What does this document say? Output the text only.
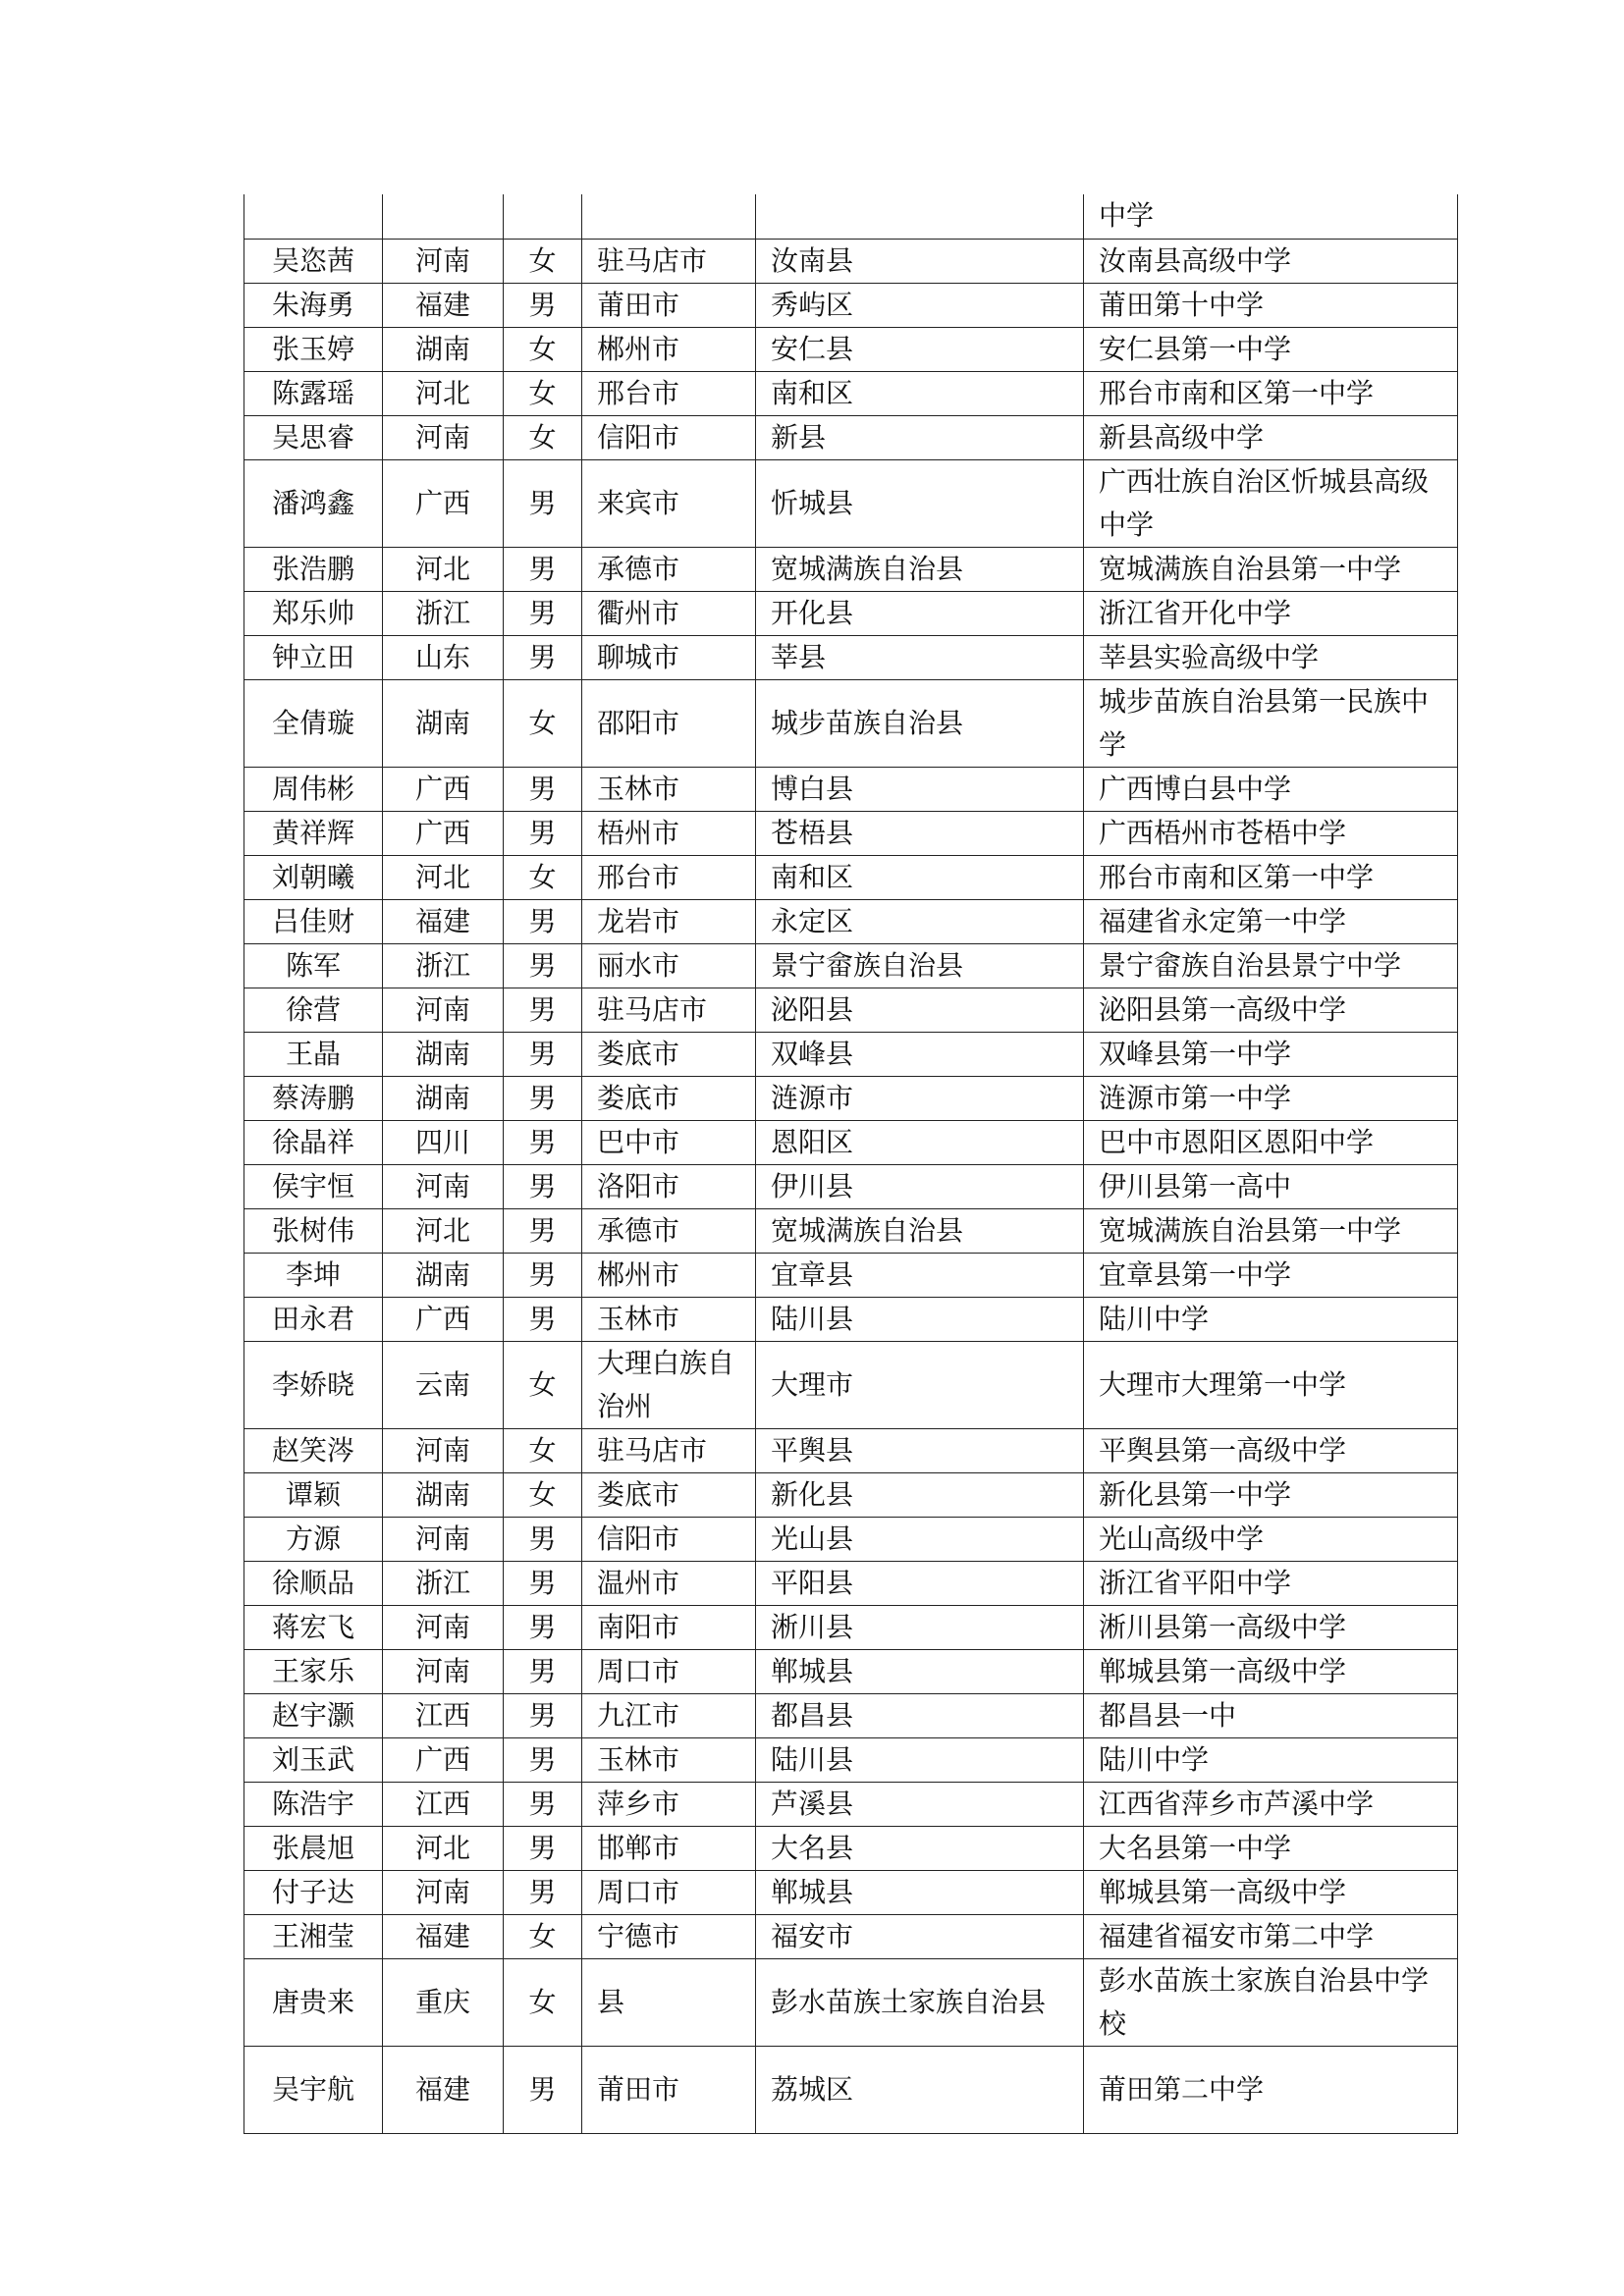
					中学
吴恣茜	河南	女	驻马店市	汝南县	汝南县高级中学
朱海勇	福建	男	莆田市	秀屿区	莆田第十中学
张玉婷	湖南	女	郴州市	安仁县	安仁县第一中学
陈露瑶	河北	女	邢台市	南和区	邢台市南和区第一中学
吴思睿	河南	女	信阳市	新县	新县高级中学
潘鸿鑫	广西	男	来宾市	忻城县	广西壮族自治区忻城县高级中学
张浩鹏	河北	男	承德市	宽城满族自治县	宽城满族自治县第一中学
郑乐帅	浙江	男	衢州市	开化县	浙江省开化中学
钟立田	山东	男	聊城市	莘县	莘县实验高级中学
全倩璇	湖南	女	邵阳市	城步苗族自治县	城步苗族自治县第一民族中学
周伟彬	广西	男	玉林市	博白县	广西博白县中学
黄祥辉	广西	男	梧州市	苍梧县	广西梧州市苍梧中学
刘朝曦	河北	女	邢台市	南和区	邢台市南和区第一中学
吕佳财	福建	男	龙岩市	永定区	福建省永定第一中学
陈军	浙江	男	丽水市	景宁畲族自治县	景宁畲族自治县景宁中学
徐营	河南	男	驻马店市	泌阳县	泌阳县第一高级中学
王晶	湖南	男	娄底市	双峰县	双峰县第一中学
蔡涛鹏	湖南	男	娄底市	涟源市	涟源市第一中学
徐晶祥	四川	男	巴中市	恩阳区	巴中市恩阳区恩阳中学
侯宇恒	河南	男	洛阳市	伊川县	伊川县第一高中
张树伟	河北	男	承德市	宽城满族自治县	宽城满族自治县第一中学
李坤	湖南	男	郴州市	宜章县	宜章县第一中学
田永君	广西	男	玉林市	陆川县	陆川中学
李娇晓	云南	女	大理白族自治州	大理市	大理市大理第一中学
赵笑涔	河南	女	驻马店市	平舆县	平舆县第一高级中学
谭颖	湖南	女	娄底市	新化县	新化县第一中学
方源	河南	男	信阳市	光山县	光山高级中学
徐顺品	浙江	男	温州市	平阳县	浙江省平阳中学
蒋宏飞	河南	男	南阳市	淅川县	淅川县第一高级中学
王家乐	河南	男	周口市	郸城县	郸城县第一高级中学
赵宇灏	江西	男	九江市	都昌县	都昌县一中
刘玉武	广西	男	玉林市	陆川县	陆川中学
陈浩宇	江西	男	萍乡市	芦溪县	江西省萍乡市芦溪中学
张晨旭	河北	男	邯郸市	大名县	大名县第一中学
付子达	河南	男	周口市	郸城县	郸城县第一高级中学
王湘莹	福建	女	宁德市	福安市	福建省福安市第二中学
唐贵来	重庆	女	县	彭水苗族土家族自治县	彭水苗族土家族自治县中学校
吴宇航	福建	男	莆田市	荔城区	莆田第二中学
